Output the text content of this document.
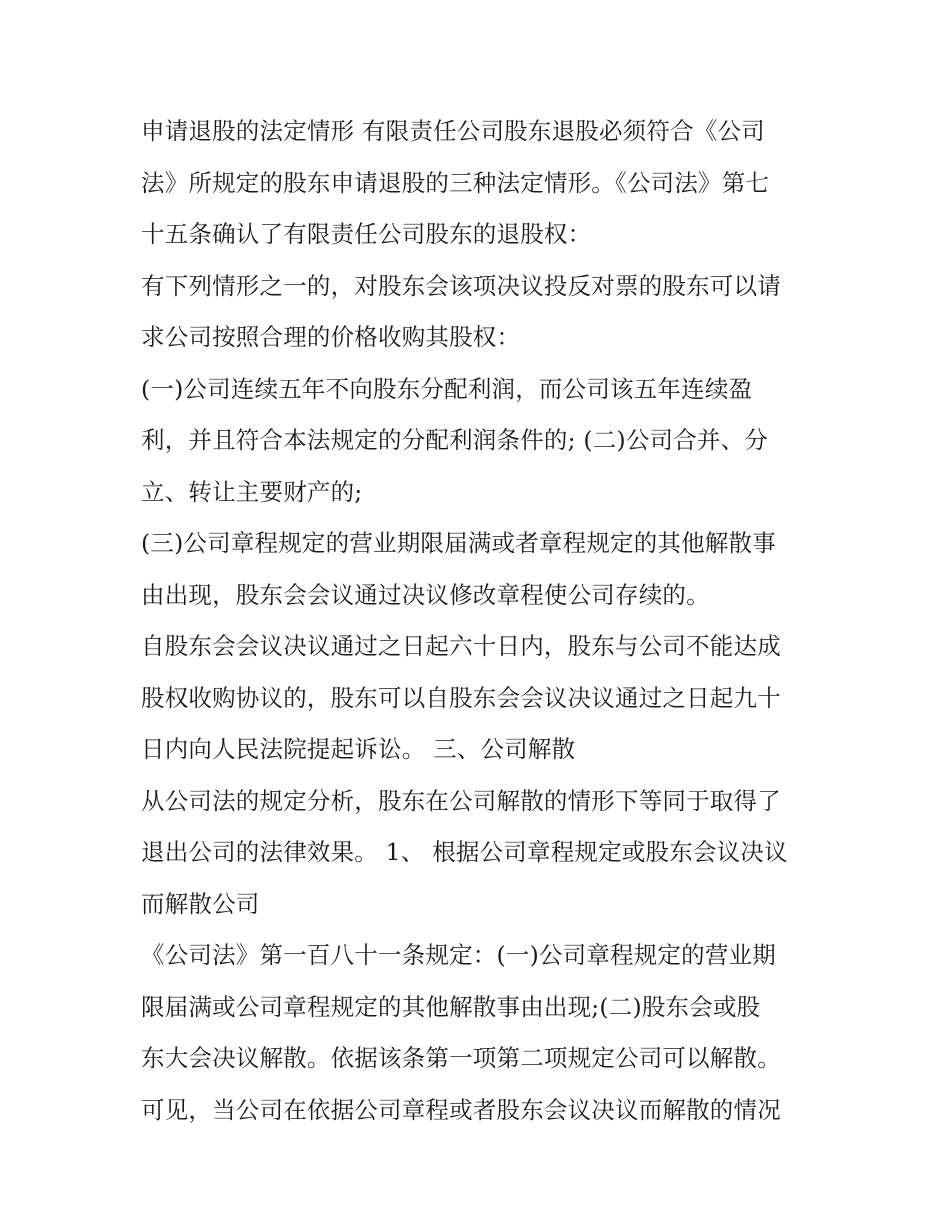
申请退股的法定情形 有限责任公司股东退股必须符合《公司
法》所规定的股东申请退股的三种法定情形。《公司法》第七
十五条确认了有限责任公司股东的退股权：
有下列情形之一的，对股东会该项决议投反对票的股东可以请
求公司按照合理的价格收购其股权：
(一)公司连续五年不向股东分配利润，而公司该五年连续盈
利，并且符合本法规定的分配利润条件的; (二)公司合并、分
立、转让主要财产的;
(三)公司章程规定的营业期限届满或者章程规定的其他解散事
由出现，股东会会议通过决议修改章程使公司存续的。
自股东会会议决议通过之日起六十日内，股东与公司不能达成
股权收购协议的，股东可以自股东会会议决议通过之日起九十
日内向人民法院提起诉讼。 三、公司解散
从公司法的规定分析，股东在公司解散的情形下等同于取得了
退出公司的法律效果。 1、 根据公司章程规定或股东会议决议
而解散公司
《公司法》第一百八十一条规定：(一)公司章程规定的营业期
限届满或公司章程规定的其他解散事由出现;(二)股东会或股
东大会决议解散。依据该条第一项第二项规定公司可以解散。
可见，当公司在依据公司章程或者股东会议决议而解散的情况
